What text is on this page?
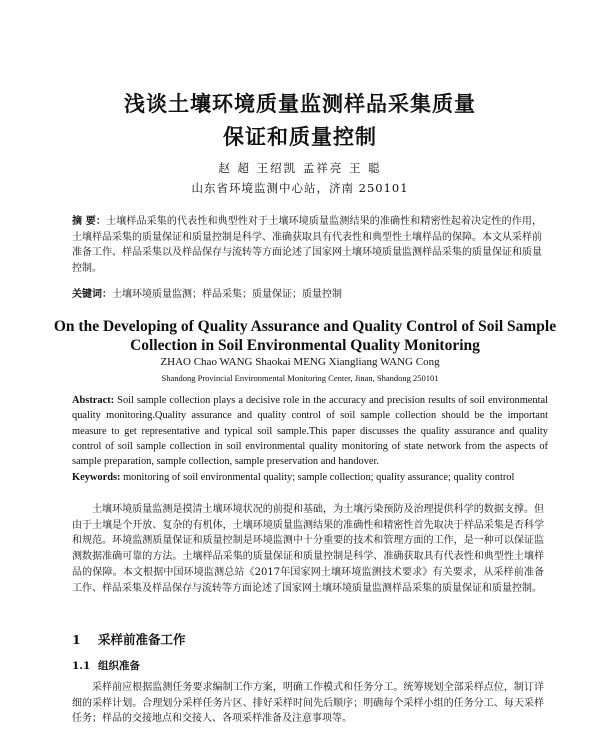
浅谈土壤环境质量监测样品采集质量
保证和质量控制
赵 超 王绍凯 孟祥亮 王 聪
山东省环境监测中心站，济南 250101

摘 要：土壤样品采集的代表性和典型性对于土壤环境质量监测结果的准确性和精密性起着决定性的作用，土壤样品采集的质量保证和质量控制是科学、准确获取具有代表性和典型性土壤样品的保障。本文从采样前准备工作、样品采集以及样品保存与流转等方面论述了国家网土壤环境质量监测样品采集的质量保证和质量控制。

关键词：土壤环境质量监测；样品采集；质量保证；质量控制

On the Developing of Quality Assurance and Quality Control of Soil Sample
Collection in Soil Environmental Quality Monitoring
ZHAO Chao WANG Shaokai MENG Xiangliang WANG Cong
Shandong Provincial Environmental Monitoring Center, Jinan, Shandong 250101

Abstract: Soil sample collection plays a decisive role in the accuracy and precision results of soil environmental quality monitoring.Quality assurance and quality control of soil sample collection should be the important measure to get representative and typical soil sample.This paper discusses the quality assurance and quality control of soil sample collection in soil environmental quality monitoring of state network from the aspects of sample preparation, sample collection, sample preservation and handover.

Keywords: monitoring of soil environmental quality; sample collection; quality assurance; quality control

土壤环境质量监测是摸清土壤环境状况的前提和基础，为土壤污染预防及治理提供科学的数据支撑。但由于土壤是个开放、复杂的有机体，土壤环境质量监测结果的准确性和精密性首先取决于样品采集是否科学和规范。环境监测质量保证和质量控制是环境监测中十分重要的技术和管理方面的工作，是一种可以保证监测数据准确可靠的方法。土壤样品采集的质量保证和质量控制是科学、准确获取具有代表性和典型性土壤样品的保障。本文根据中国环境监测总站《2017年国家网土壤环境监测技术要求》有关要求，从采样前准备工作、样品采集及样品保存与流转等方面论述了国家网土壤环境质量监测样品采集的质量保证和质量控制。

1 采样前准备工作
1.1 组织准备

采样前应根据监测任务要求编制工作方案，明确工作模式和任务分工。统筹规划全部采样点位，制订详细的采样计划。合理划分采样任务片区、排好采样时间先后顺序；明确每个采样小组的任务分工、每天采样任务；样品的交接地点和交接人、各项采样准备及注意事项等。
